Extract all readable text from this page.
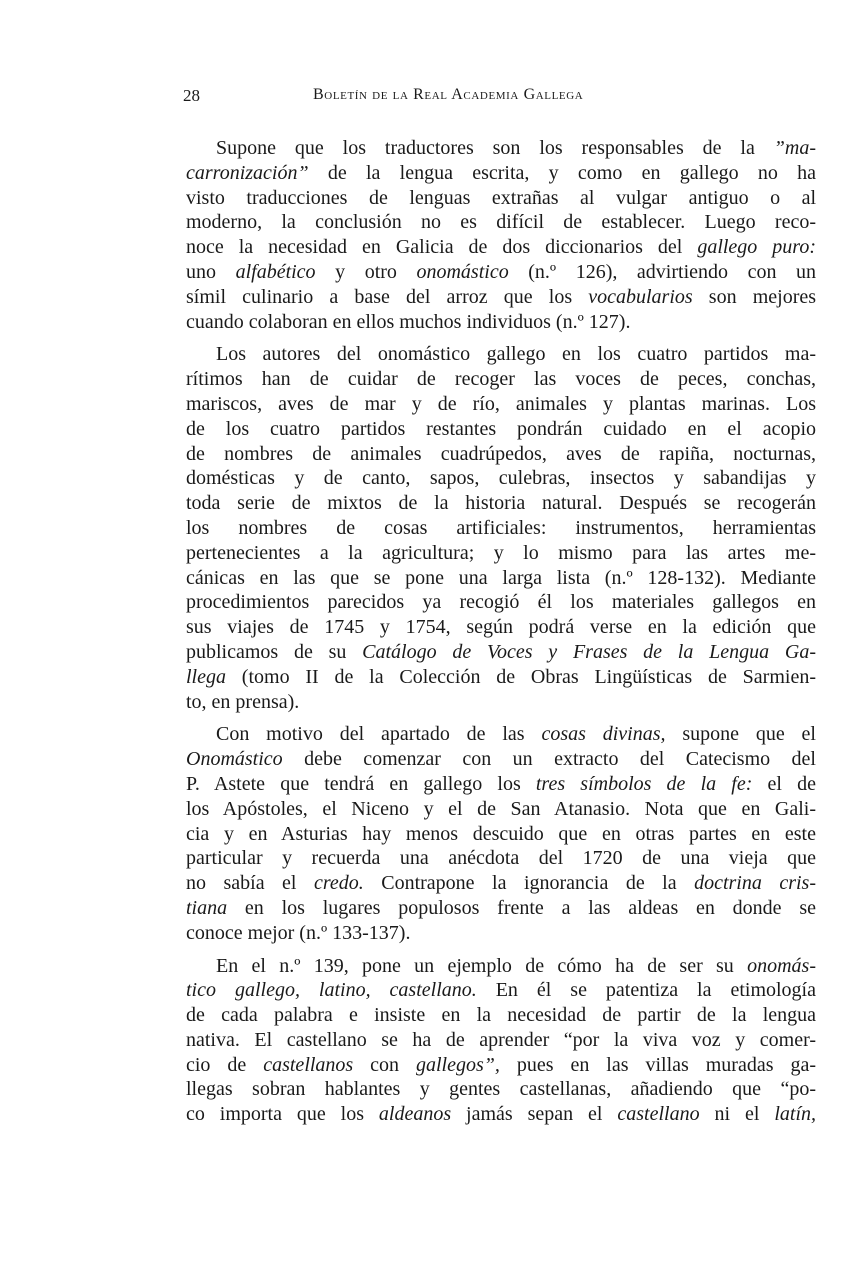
28	Boletín de la Real Academia Gallega
Supone que los traductores son los responsables de la ”ma-
carronización” de la lengua escrita, y como en gallego no ha
visto traducciones de lenguas extrañas al vulgar antiguo o al
moderno, la conclusión no es difícil de establecer. Luego reco-
noce la necesidad en Galicia de dos diccionarios del gallego puro:
uno alfabético y otro onomástico (n.º 126), advirtiendo con un
símil culinario a base del arroz que los vocabularios son mejores
cuando colaboran en ellos muchos individuos (n.º 127).
Los autores del onomástico gallego en los cuatro partidos ma-
rítimos han de cuidar de recoger las voces de peces, conchas,
mariscos, aves de mar y de río, animales y plantas marinas. Los
de los cuatro partidos restantes pondrán cuidado en el acopio
de nombres de animales cuadrúpedos, aves de rapiña, nocturnas,
domésticas y de canto, sapos, culebras, insectos y sabandijas y
toda serie de mixtos de la historia natural. Después se recogerán
los nombres de cosas artificiales: instrumentos, herramientas
pertenecientes a la agricultura; y lo mismo para las artes me-
cánicas en las que se pone una larga lista (n.º 128-132). Mediante
procedimientos parecidos ya recogió él los materiales gallegos en
sus viajes de 1745 y 1754, según podrá verse en la edición que
publicamos de su Catálogo de Voces y Frases de la Lengua Ga-
llega (tomo II de la Colección de Obras Lingüísticas de Sarmien-
to, en prensa).
Con motivo del apartado de las cosas divinas, supone que el
Onomástico debe comenzar con un extracto del Catecismo del
P. Astete que tendrá en gallego los tres símbolos de la fe: el de
los Apóstoles, el Niceno y el de San Atanasio. Nota que en Gali-
cia y en Asturias hay menos descuido que en otras partes en este
particular y recuerda una anécdota del 1720 de una vieja que
no sabía el credo. Contrapone la ignorancia de la doctrina cris-
tiana en los lugares populosos frente a las aldeas en donde se
conoce mejor (n.º 133-137).
En el n.º 139, pone un ejemplo de cómo ha de ser su onomás-
tico gallego, latino, castellano. En él se patentiza la etimología
de cada palabra e insiste en la necesidad de partir de la lengua
nativa. El castellano se ha de aprender “por la viva voz y comer-
cio de castellanos con gallegos”, pues en las villas muradas ga-
llegas sobran hablantes y gentes castellanas, añadiendo que “po-
co importa que los aldeanos jamás sepan el castellano ni el latín,
